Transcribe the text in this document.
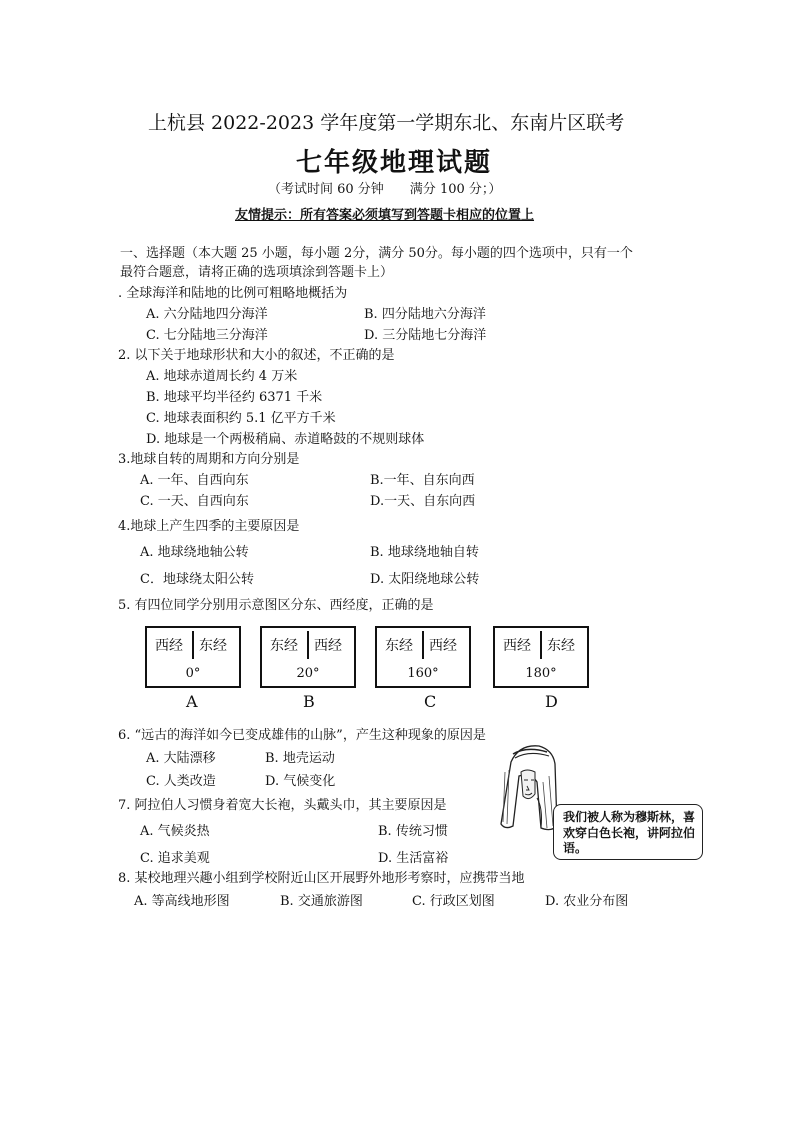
上杭县 2022-2023 学年度第一学期东北、东南片区联考
七年级地理试题
（考试时间 60 分钟　　满分 100 分；）
友情提示：所有答案必须填写到答题卡相应的位置上
一、选择题（本大题 25 小题，每小题 2分，满分 50分。每小题的四个选项中，只有一个
最符合题意，请将正确的选项填涂到答题卡上）
. 全球海洋和陆地的比例可粗略地概括为
A. 六分陆地四分海洋	B. 四分陆地六分海洋
C. 七分陆地三分海洋	D. 三分陆地七分海洋
2. 以下关于地球形状和大小的叙述，不正确的是
A. 地球赤道周长约 4 万米
B. 地球平均半径约 6371 千米
C. 地球表面积约 5.1 亿平方千米
D. 地球是一个两极稍扁、赤道略鼓的不规则球体
3.地球自转的周期和方向分别是
A. 一年、自西向东	B.一年、自东向西
C. 一天、自西向东	D.一天、自东向西
4.地球上产生四季的主要原因是
A. 地球绕地轴公转	B. 地球绕地轴自转
C．地球绕太阳公转	D. 太阳绕地球公转
5. 有四位同学分别用示意图区分东、西经度，正确的是
西经 东经
0°
A
东经 西经
20°
B
东经 西经
160°
C
西经 东经
180°
D
6. “远古的海洋如今已变成雄伟的山脉”，产生这种现象的原因是
A. 大陆漂移	B. 地壳运动
C. 人类改造	D. 气候变化
7. 阿拉伯人习惯身着宽大长袍，头戴头巾，其主要原因是
A. 气候炎热	B. 传统习惯
C. 追求美观	D. 生活富裕
我们被人称为穆斯林，喜欢穿白色长袍，讲阿拉伯语。
8. 某校地理兴趣小组到学校附近山区开展野外地形考察时，应携带当地
A. 等高线地形图	B. 交通旅游图	C. 行政区划图	D. 农业分布图
